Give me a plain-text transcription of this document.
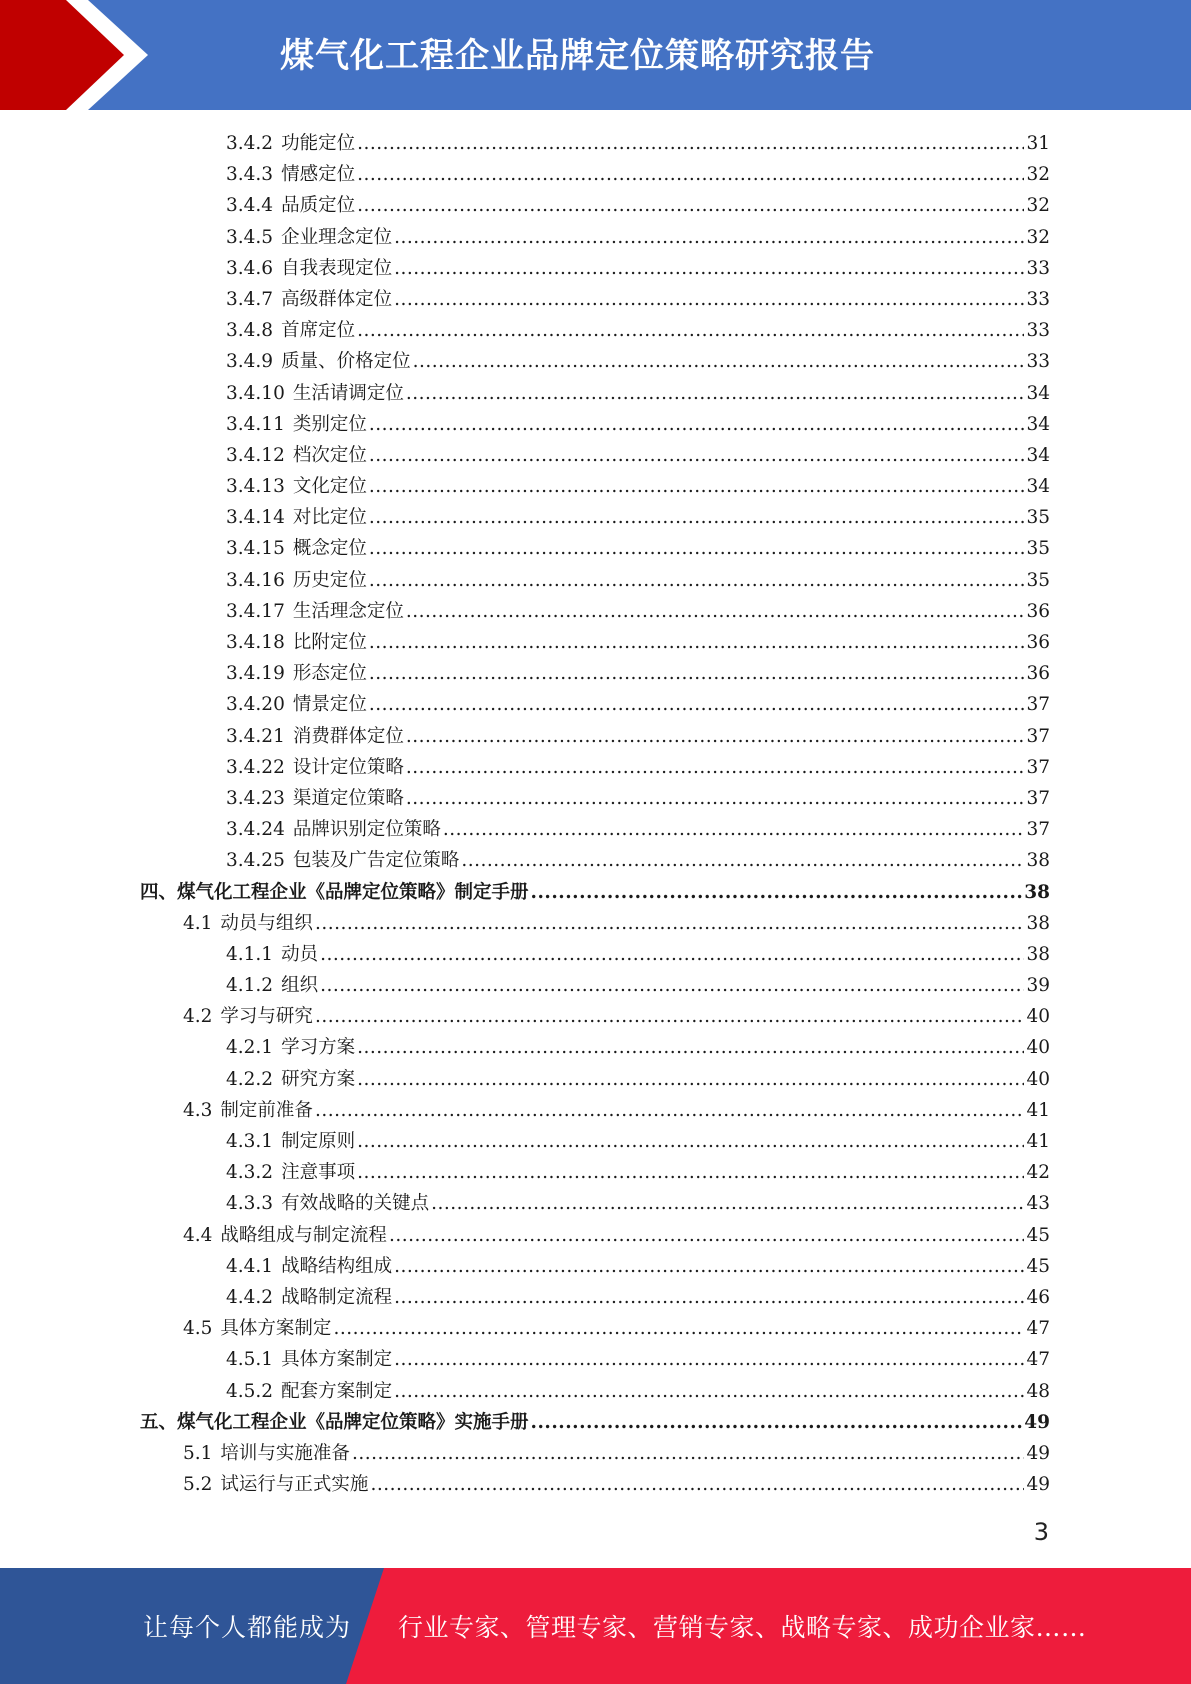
煤气化工程企业品牌定位策略研究报告
3.4.2 功能定位 .....	31
3.4.3 情感定位 .....	32
3.4.4 品质定位 .....	32
3.4.5 企业理念定位 .....	32
3.4.6 自我表现定位 .....	33
3.4.7 高级群体定位 .....	33
3.4.8 首席定位 .....	33
3.4.9 质量、价格定位 .....	33
3.4.10 生活请调定位 .....	34
3.4.11 类别定位 .....	34
3.4.12 档次定位 .....	34
3.4.13 文化定位 .....	34
3.4.14 对比定位 .....	35
3.4.15 概念定位 .....	35
3.4.16 历史定位 .....	35
3.4.17 生活理念定位 .....	36
3.4.18 比附定位 .....	36
3.4.19 形态定位 .....	36
3.4.20 情景定位 .....	37
3.4.21 消费群体定位 .....	37
3.4.22 设计定位策略 .....	37
3.4.23 渠道定位策略 .....	37
3.4.24 品牌识别定位策略 .....	37
3.4.25 包装及广告定位策略 .....	38
四、 煤气化工程企业《品牌定位策略》制定手册 .....	38
4.1 动员与组织 .....	38
4.1.1 动员 .....	38
4.1.2 组织 .....	39
4.2 学习与研究 .....	40
4.2.1 学习方案 .....	40
4.2.2 研究方案 .....	40
4.3 制定前准备 .....	41
4.3.1 制定原则 .....	41
4.3.2 注意事项 .....	42
4.3.3 有效战略的关键点 .....	43
4.4 战略组成与制定流程 .....	45
4.4.1 战略结构组成 .....	45
4.4.2 战略制定流程 .....	46
4.5 具体方案制定 .....	47
4.5.1 具体方案制定 .....	47
4.5.2 配套方案制定 .....	48
五、 煤气化工程企业《品牌定位策略》实施手册 .....	49
5.1 培训与实施准备 .....	49
5.2 试运行与正式实施 .....	49
3
让每个人都能成为 行业专家、管理专家、营销专家、战略专家、成功企业家……
